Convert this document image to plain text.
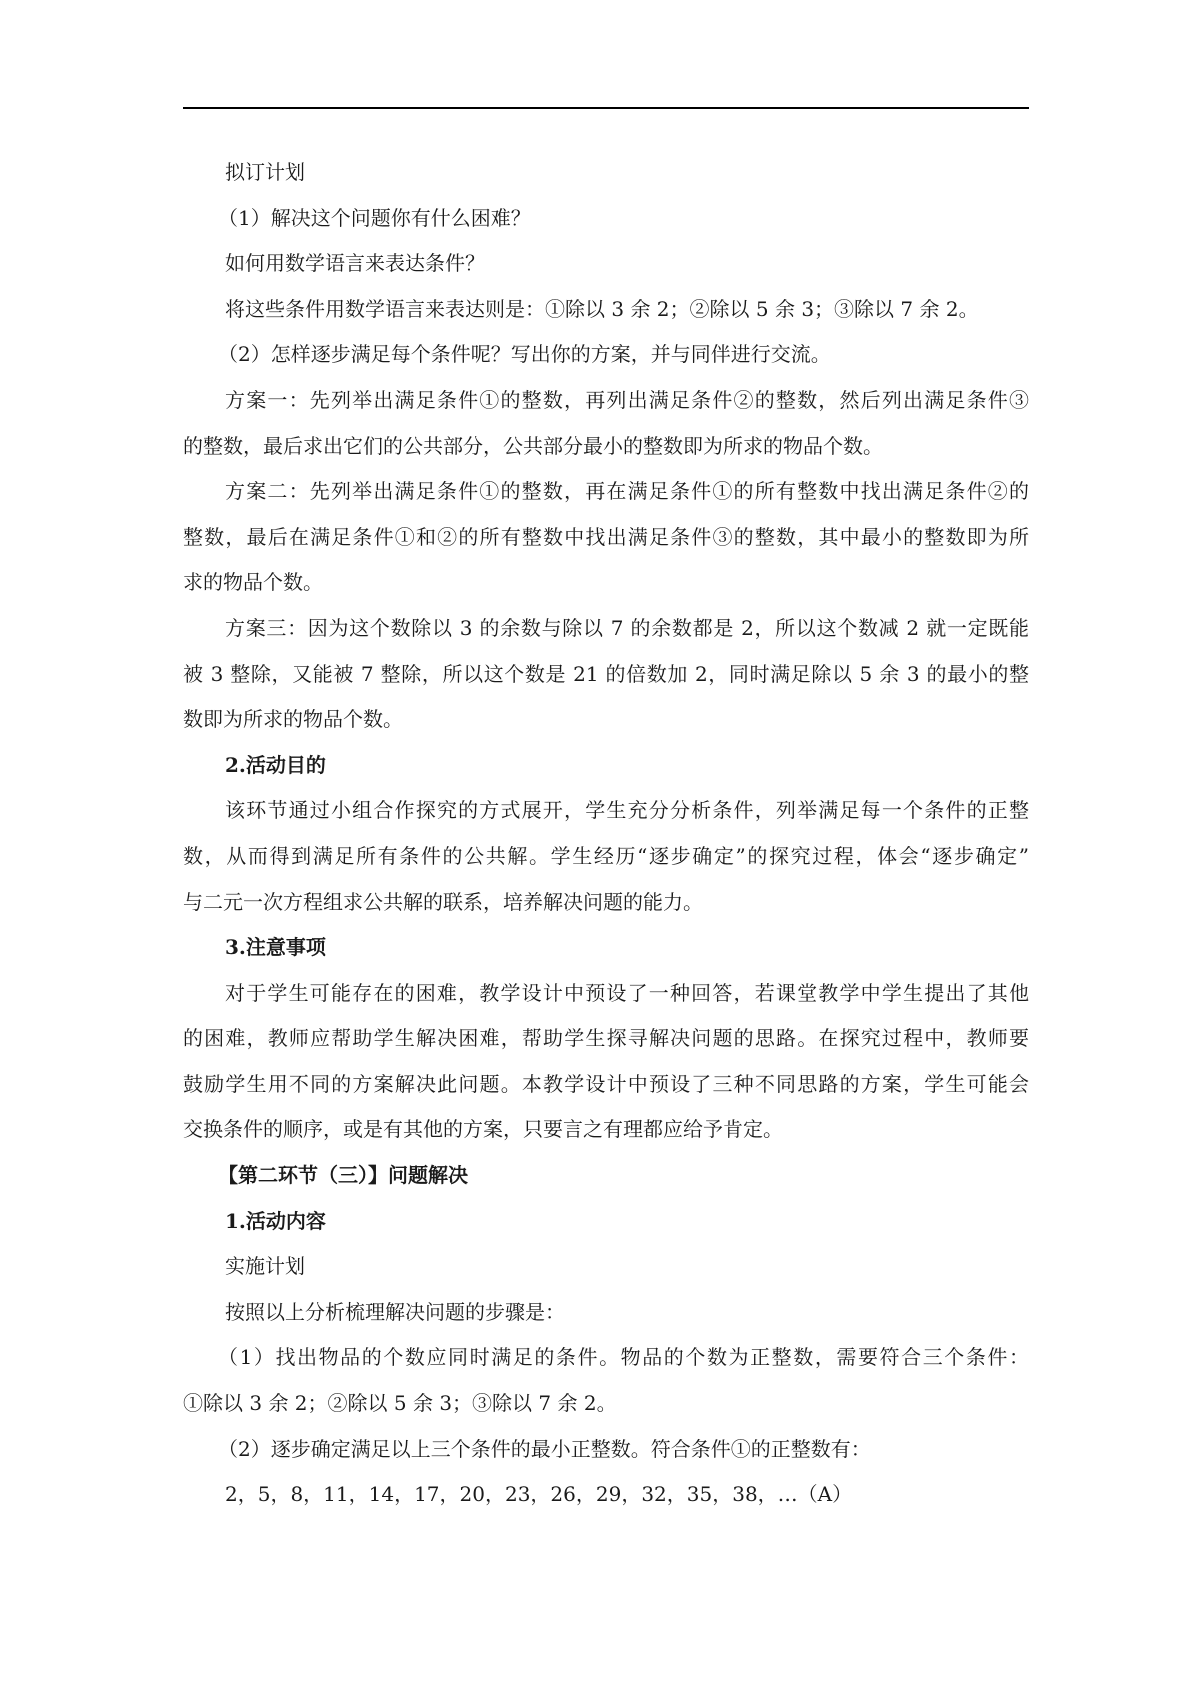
拟订计划
（1）解决这个问题你有什么困难？
如何用数学语言来表达条件？
将这些条件用数学语言来表达则是：①除以 3 余 2；②除以 5 余 3；③除以 7 余 2。
（2）怎样逐步满足每个条件呢？写出你的方案，并与同伴进行交流。
方案一：先列举出满足条件①的整数，再列出满足条件②的整数，然后列出满足条件③
的整数，最后求出它们的公共部分，公共部分最小的整数即为所求的物品个数。
方案二：先列举出满足条件①的整数，再在满足条件①的所有整数中找出满足条件②的
整数，最后在满足条件①和②的所有整数中找出满足条件③的整数，其中最小的整数即为所
求的物品个数。
方案三：因为这个数除以 3 的余数与除以 7 的余数都是 2，所以这个数减 2 就一定既能
被 3 整除，又能被 7 整除，所以这个数是 21 的倍数加 2，同时满足除以 5 余 3 的最小的整
数即为所求的物品个数。
2.活动目的
该环节通过小组合作探究的方式展开，学生充分分析条件，列举满足每一个条件的正整
数，从而得到满足所有条件的公共解。学生经历“逐步确定”的探究过程，体会“逐步确定”
与二元一次方程组求公共解的联系，培养解决问题的能力。
3.注意事项
对于学生可能存在的困难，教学设计中预设了一种回答，若课堂教学中学生提出了其他
的困难，教师应帮助学生解决困难，帮助学生探寻解决问题的思路。在探究过程中，教师要
鼓励学生用不同的方案解决此问题。本教学设计中预设了三种不同思路的方案，学生可能会
交换条件的顺序，或是有其他的方案，只要言之有理都应给予肯定。
【第二环节（三）】问题解决
1.活动内容
实施计划
按照以上分析梳理解决问题的步骤是：
（1）找出物品的个数应同时满足的条件。物品的个数为正整数，需要符合三个条件：
①除以 3 余 2；②除以 5 余 3；③除以 7 余 2。
（2）逐步确定满足以上三个条件的最小正整数。符合条件①的正整数有：
2，5，8，11，14，17，20，23，26，29，32，35，38，…（A）
